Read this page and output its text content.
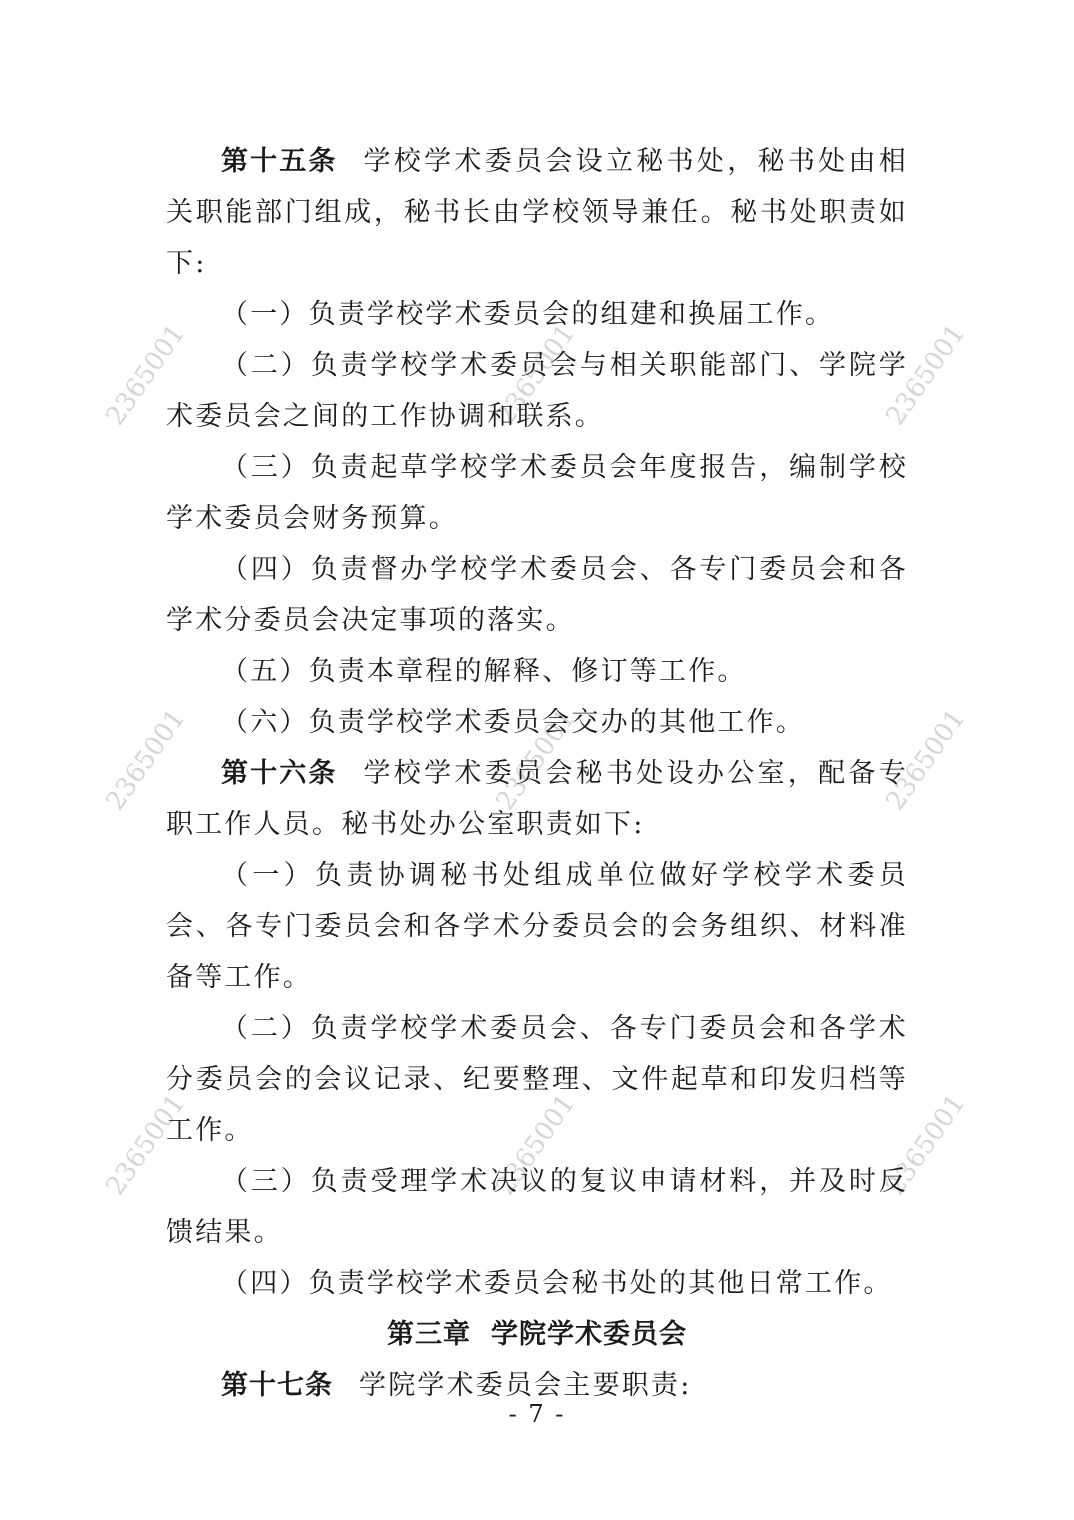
2365001	2365001	2365001
2365001	2365001	2365001
2365001	2365001	2365001

第十五条 学校学术委员会设立秘书处，秘书处由相关职能部门组成，秘书长由学校领导兼任。秘书处职责如下:

（一）负责学校学术委员会的组建和换届工作。

（二）负责学校学术委员会与相关职能部门、学院学术委员会之间的工作协调和联系。

（三）负责起草学校学术委员会年度报告，编制学校学术委员会财务预算。

（四）负责督办学校学术委员会、各专门委员会和各学术分委员会决定事项的落实。

（五）负责本章程的解释、修订等工作。

（六）负责学校学术委员会交办的其他工作。

第十六条 学校学术委员会秘书处设办公室，配备专职工作人员。秘书处办公室职责如下:

（一）负责协调秘书处组成单位做好学校学术委员会、各专门委员会和各学术分委员会的会务组织、材料准备等工作。

（二）负责学校学术委员会、各专门委员会和各学术分委员会的会议记录、纪要整理、文件起草和印发归档等工作。

（三）负责受理学术决议的复议申请材料，并及时反馈结果。

（四）负责学校学术委员会秘书处的其他日常工作。

第三章 学院学术委员会

第十七条 学院学术委员会主要职责:

- 7 -
